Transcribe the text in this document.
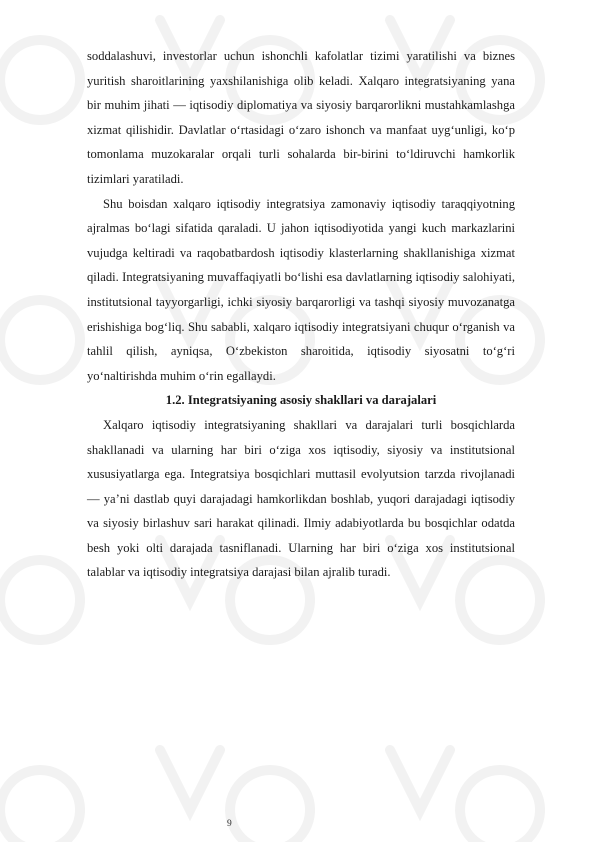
soddalashuvi, investorlar uchun ishonchli kafolatlar tizimi yaratilishi va biznes yuritish sharoitlarining yaxshilanishiga olib keladi. Xalqaro integratsiyaning yana bir muhim jihati — iqtisodiy diplomatiya va siyosiy barqarorlikni mustahkamlashga xizmat qilishidir. Davlatlar o‘rtasidagi o‘zaro ishonch va manfaat uyg‘unligi, ko‘p tomonlama muzokaralar orqali turli sohalarda bir-birini to‘ldiruvchi hamkorlik tizimlari yaratiladi.

Shu boisdan xalqaro iqtisodiy integratsiya zamonaviy iqtisodiy taraqqiyotning ajralmas bo‘lagi sifatida qaraladi. U jahon iqtisodiyotida yangi kuch markazlarini vujudga keltiradi va raqobatbardosh iqtisodiy klasterlarning shakllanishiga xizmat qiladi. Integratsiyaning muvaffaqiyatli bo‘lishi esa davlatlarning iqtisodiy salohiyati, institutsional tayyorgarligi, ichki siyosiy barqarorligi va tashqi siyosiy muvozanatga erishishiga bog‘liq. Shu sababli, xalqaro iqtisodiy integratsiyani chuqur o‘rganish va tahlil qilish, ayniqsa, O‘zbekiston sharoitida, iqtisodiy siyosatni to‘g‘ri yo‘naltirishda muhim o‘rin egallaydi.

1.2. Integratsiyaning asosiy shakllari va darajalari

Xalqaro iqtisodiy integratsiyaning shakllari va darajalari turli bosqichlarda shakllanadi va ularning har biri o‘ziga xos iqtisodiy, siyosiy va institutsional xususiyatlarga ega. Integratsiya bosqichlari muttasil evolyutsion tarzda rivojlanadi — ya’ni dastlab quyi darajadagi hamkorlikdan boshlab, yuqori darajadagi iqtisodiy va siyosiy birlashuv sari harakat qilinadi. Ilmiy adabiyotlarda bu bosqichlar odatda besh yoki olti darajada tasniflanadi. Ularning har biri o‘ziga xos institutsional talablar va iqtisodiy integratsiya darajasi bilan ajralib turadi.

9
